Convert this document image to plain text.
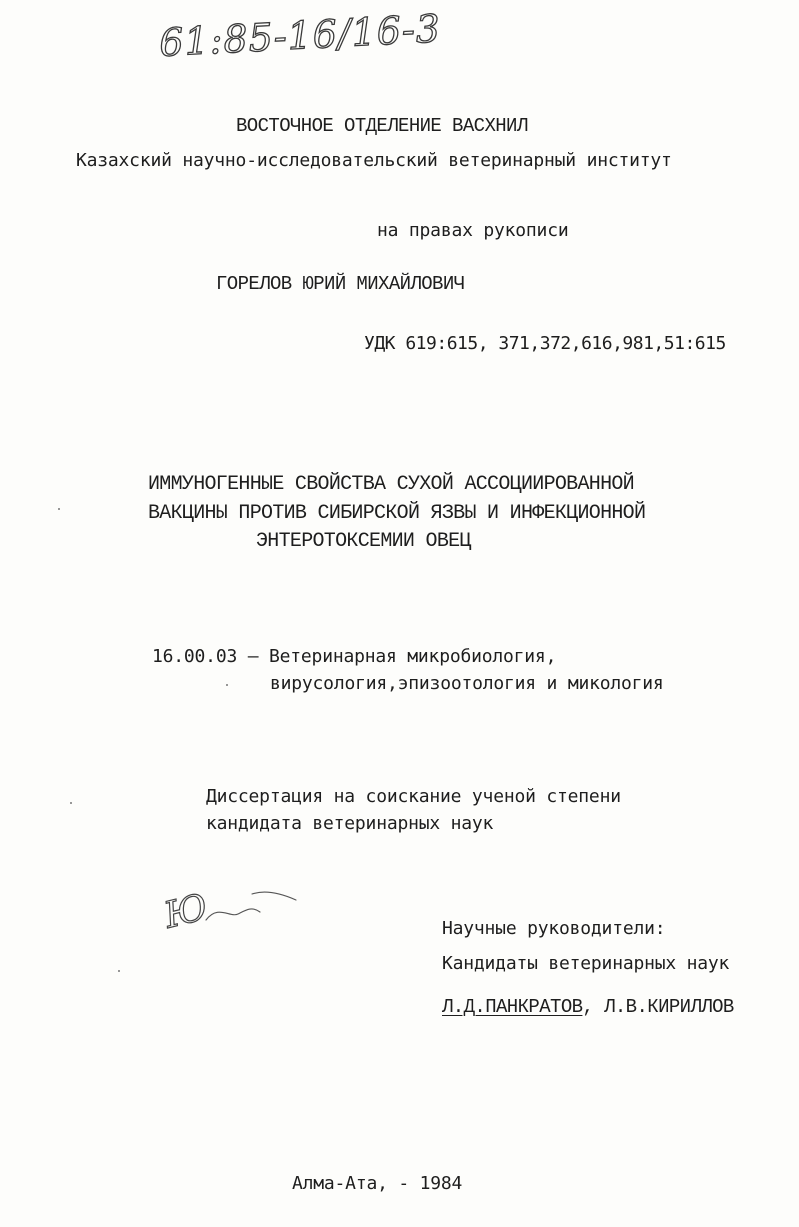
61:85-16/16-3

ВОСТОЧНОЕ ОТДЕЛЕНИЕ ВАСХНИЛ

Казахский научно-исследовательский ветеринарный институт

на правах рукописи

ГОРЕЛОВ ЮРИЙ МИХАЙЛОВИЧ

УДК 619:615, 371,372,616,981,51:615

ИММУНОГЕННЫЕ СВОЙСТВА СУХОЙ АССОЦИИРОВАННОЙ

ВАКЦИНЫ ПРОТИВ СИБИРСКОЙ ЯЗВЫ И ИНФЕКЦИОННОЙ

ЭНТЕРОТОКСЕМИИ ОВЕЦ

16.00.03 – Ветеринарная микробиология,

вирусология,эпизоотология и микология

Диссертация на соискание ученой степени

кандидата ветеринарных наук

Ю	Научные руководители:

Кандидаты ветеринарных наук

Л.Д.ПАНКРАТОВ, Л.В.КИРИЛЛОВ

Алма-Ата, - 1984
